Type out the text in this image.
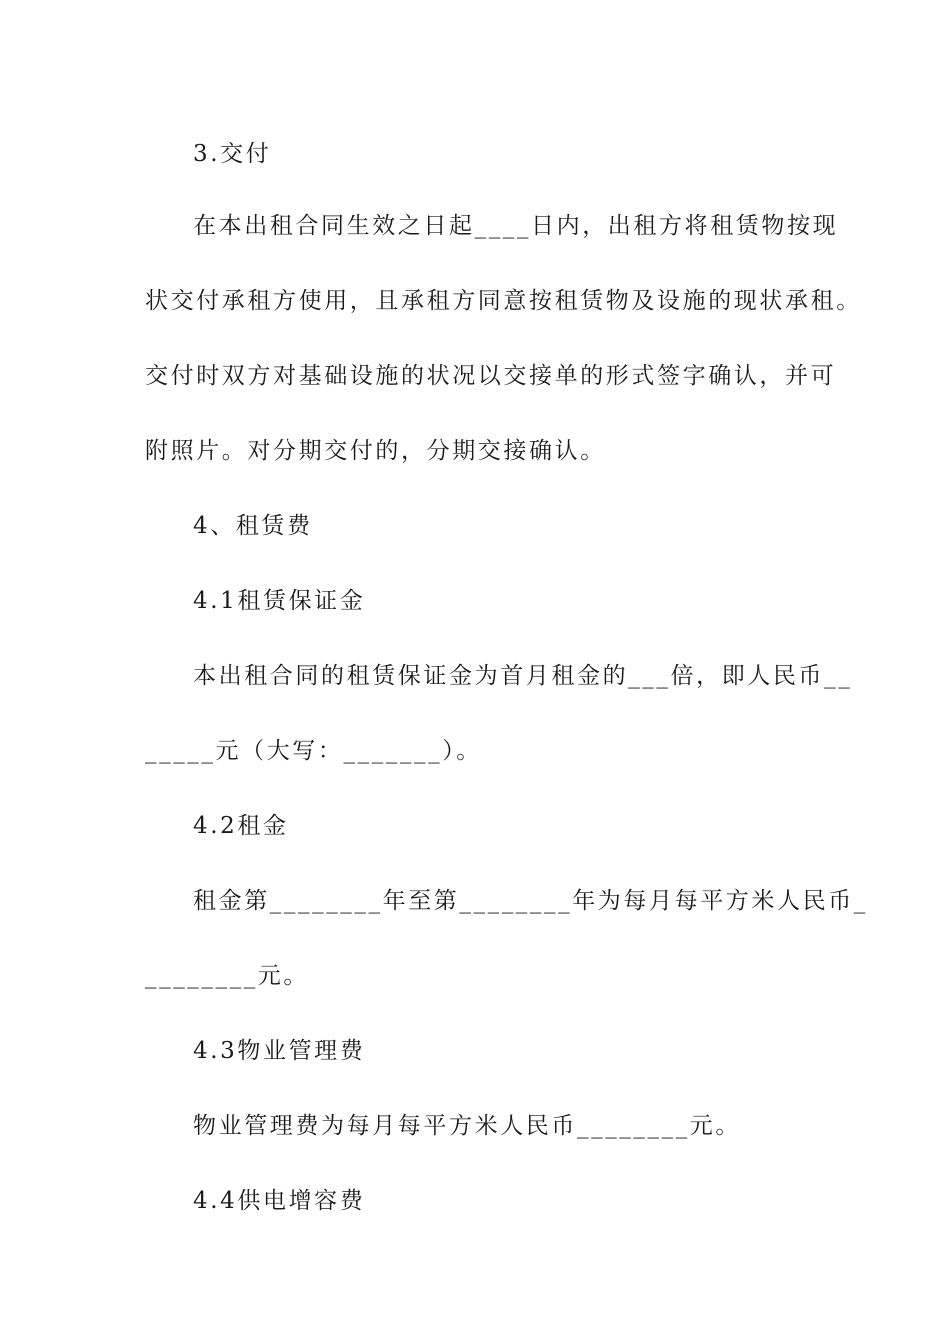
3.交付
在本出租合同生效之日起____日内，出租方将租赁物按现
状交付承租方使用，且承租方同意按租赁物及设施的现状承租。
交付时双方对基础设施的状况以交接单的形式签字确认，并可
附照片。对分期交付的，分期交接确认。
4、租赁费
4.1租赁保证金
本出租合同的租赁保证金为首月租金的___倍，即人民币__
_____元（大写：_______）。
4.2租金
租金第________年至第________年为每月每平方米人民币_
________元。
4.3物业管理费
物业管理费为每月每平方米人民币________元。
4.4供电增容费
